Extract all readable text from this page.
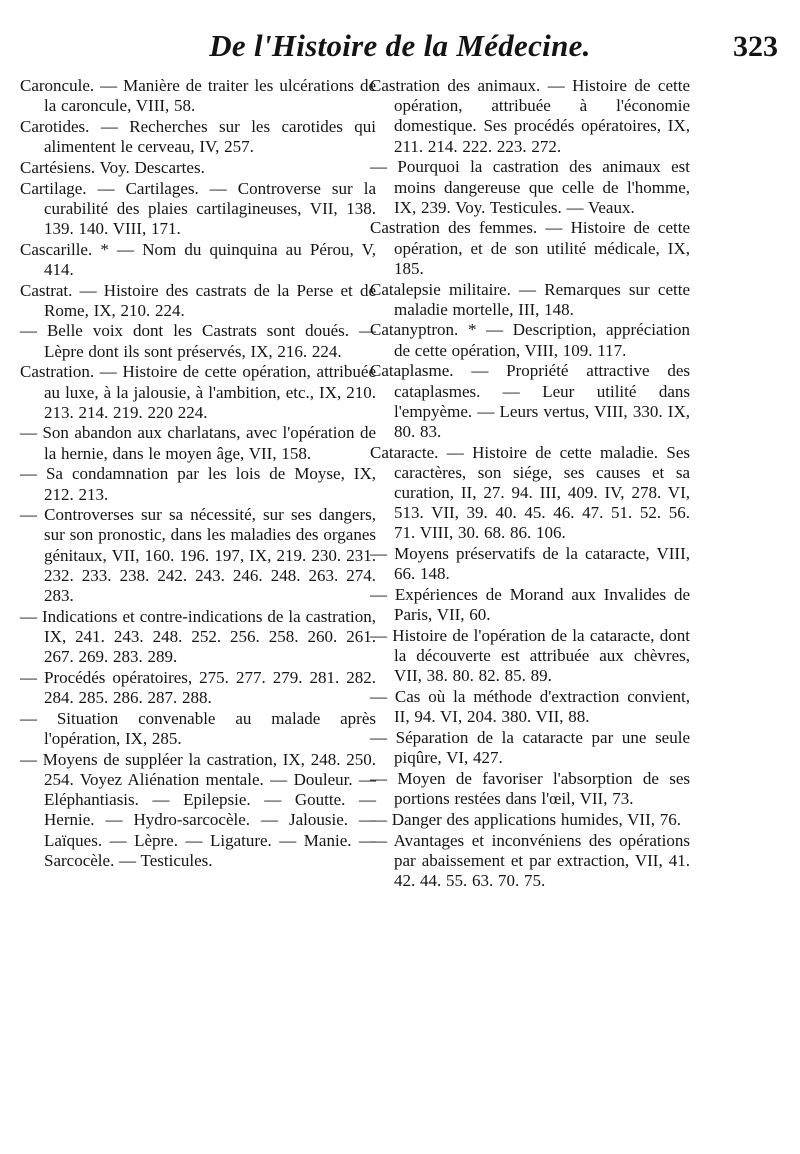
De l'Histoire de la Médecine.	323

Caroncule. — Manière de traiter les ulcérations de la caroncule, VIII, 58.

Carotides. — Recherches sur les carotides qui alimentent le cerveau, IV, 257.

Cartésiens. Voy. Descartes.

Cartilage. — Cartilages. — Controverse sur la curabilité des plaies cartilagineuses, VII, 138. 139. 140. VIII, 171.

Cascarille. * — Nom du quinquina au Pérou, V, 414.

Castrat. — Histoire des castrats de la Perse et de Rome, IX, 210. 224.

— Belle voix dont les Castrats sont doués. — Lèpre dont ils sont préservés, IX, 216. 224.

Castration. — Histoire de cette opération, attribuée au luxe, à la jalousie, à l'ambition, etc., IX, 210. 213. 214. 219. 220 224.

— Son abandon aux charlatans, avec l'opération de la hernie, dans le moyen âge, VII, 158.

— Sa condamnation par les lois de Moyse, IX, 212. 213.

— Controverses sur sa nécessité, sur ses dangers, sur son pronostic, dans les maladies des organes génitaux, VII, 160. 196. 197, IX, 219. 230. 231. 232. 233. 238. 242. 243. 246. 248. 263. 274. 283.

— Indications et contre-indications de la castration, IX, 241. 243. 248. 252. 256. 258. 260. 261. 267. 269. 283. 289.

— Procédés opératoires, 275. 277. 279. 281. 282. 284. 285. 286. 287. 288.

— Situation convenable au malade après l'opération, IX, 285.

— Moyens de suppléer la castration, IX, 248. 250. 254. Voyez Aliénation mentale. — Douleur. — Eléphantiasis. — Epilepsie. — Goutte. — Hernie. — Hydro-sarcocèle. — Jalousie. — Laïques. — Lèpre. — Ligature. — Manie. — Sarcocèle. — Testicules.

Castration des animaux. — Histoire de cette opération, attribuée à l'économie domestique. Ses procédés opératoires, IX, 211. 214. 222. 223. 272.

— Pourquoi la castration des animaux est moins dangereuse que celle de l'homme, IX, 239. Voy. Testicules. — Veaux.

Castration des femmes. — Histoire de cette opération, et de son utilité médicale, IX, 185.

Catalepsie militaire. — Remarques sur cette maladie mortelle, III, 148.

Catanyptron. * — Description, appréciation de cette opération, VIII, 109. 117.

Cataplasme. — Propriété attractive des cataplasmes. — Leur utilité dans l'empyème. — Leurs vertus, VIII, 330. IX, 80. 83.

Cataracte. — Histoire de cette maladie. Ses caractères, son siége, ses causes et sa curation, II, 27. 94. III, 409. IV, 278. VI, 513. VII, 39. 40. 45. 46. 47. 51. 52. 56. 71. VIII, 30. 68. 86. 106.

— Moyens préservatifs de la cataracte, VIII, 66. 148.

— Expériences de Morand aux Invalides de Paris, VII, 60.

— Histoire de l'opération de la cataracte, dont la découverte est attribuée aux chèvres, VII, 38. 80. 82. 85. 89.

— Cas où la méthode d'extraction convient, II, 94. VI, 204. 380. VII, 88.

— Séparation de la cataracte par une seule piqûre, VI, 427.

— Moyen de favoriser l'absorption de ses portions restées dans l'œil, VII, 73.

— Danger des applications humides, VII, 76.

— Avantages et inconvéniens des opérations par abaissement et par extraction, VII, 41. 42. 44. 55. 63. 70. 75.
